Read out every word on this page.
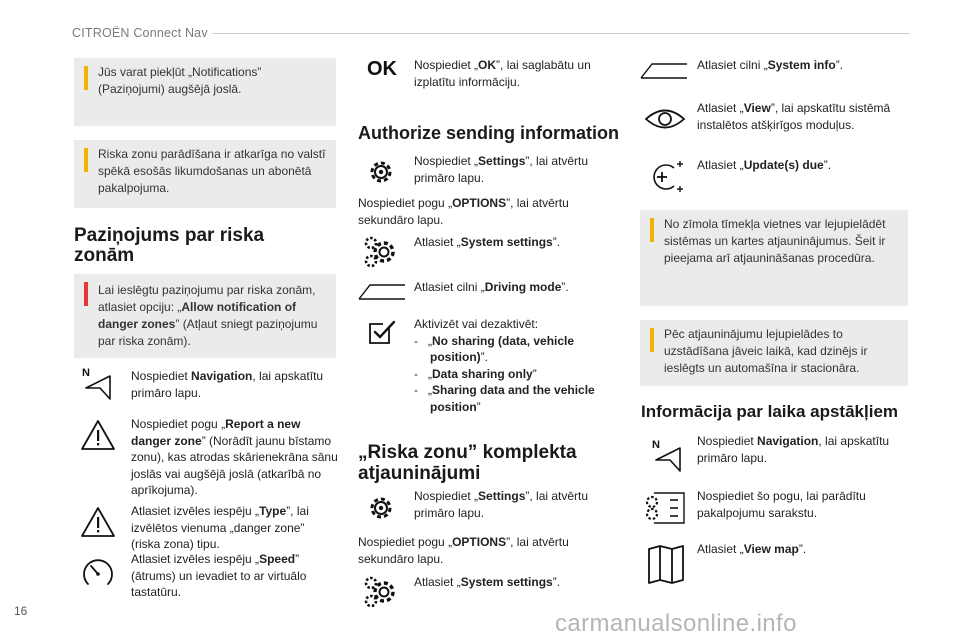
CITROËN Connect Nav
Jūs varat piekļūt „Notifications” (Paziņojumi) augšējā joslā.
Riska zonu parādīšana ir atkarīga no valstī spēkā esošās likumdošanas un abonētā pakalpojuma.
Paziņojums par riska zonām
Lai ieslēgtu paziņojumu par riska zonām, atlasiet opciju: „Allow notification of danger zones” (Atļaut sniegt paziņojumu par riska zonām).
N	Nospiediet Navigation, lai apskatītu primāro lapu.
Nospiediet pogu „Report a new danger zone” (Norādīt jaunu bīstamo zonu), kas atrodas skārienekrāna sānu joslās vai augšējā joslā (atkarībā no aprīkojuma).
Atlasiet izvēles iespēju „Type”, lai izvēlētos vienuma „danger zone” (riska zona) tipu.
Atlasiet izvēles iespēju „Speed” (ātrums) un ievadiet to ar virtuālo tastatūru.
OK	Nospiediet „OK”, lai saglabātu un izplatītu informāciju.
Authorize sending information
Nospiediet „Settings”, lai atvērtu primāro lapu.
Nospiediet pogu „OPTIONS”, lai atvērtu sekundāro lapu.
Atlasiet „System settings”.
Atlasiet cilni „Driving mode”.
Aktivizēt vai dezaktivēt:
- „No sharing (data, vehicle position)”.
- „Data sharing only”
- „Sharing data and the vehicle position”
„Riska zonu” komplekta atjauninājumi
Nospiediet „Settings”, lai atvērtu primāro lapu.
Nospiediet pogu „OPTIONS”, lai atvērtu sekundāro lapu.
Atlasiet „System settings”.
Atlasiet cilni „System info”.
Atlasiet „View”, lai apskatītu sistēmā instalētos atšķirīgos moduļus.
Atlasiet „Update(s) due”.
No zīmola tīmekļa vietnes var lejupielādēt sistēmas un kartes atjauninājumus. Šeit ir pieejama arī atjaunināšanas procedūra.
Pēc atjauninājumu lejupielādes to uzstādīšana jāveic laikā, kad dzinējs ir ieslēgts un automašīna ir stacionāra.
Informācija par laika apstākļiem
N	Nospiediet Navigation, lai apskatītu primāro lapu.
Nospiediet šo pogu, lai parādītu pakalpojumu sarakstu.
Atlasiet „View map”.
16	carmanualsonline.info
